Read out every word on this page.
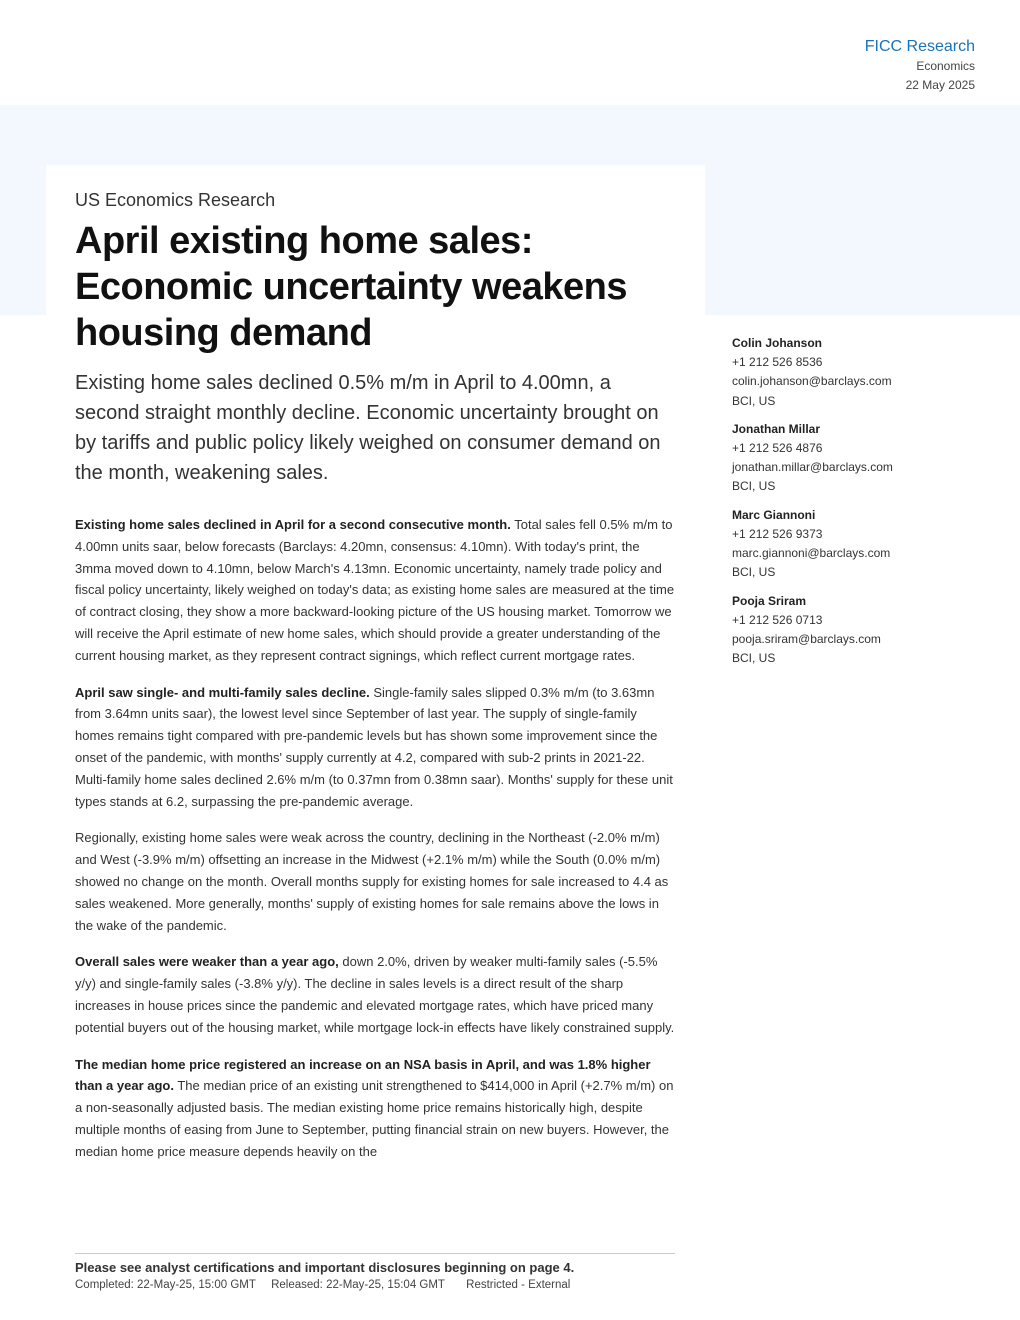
FICC Research
Economics
22 May 2025
US Economics Research
April existing home sales:
Economic uncertainty weakens
housing demand

Existing home sales declined 0.5% m/m in April to 4.00mn, a second straight monthly decline. Economic uncertainty brought on by tariffs and public policy likely weighed on consumer demand on the month, weakening sales.

Existing home sales declined in April for a second consecutive month. Total sales fell 0.5% m/m to 4.00mn units saar, below forecasts (Barclays: 4.20mn, consensus: 4.10mn). With today's print, the 3mma moved down to 4.10mn, below March's 4.13mn. Economic uncertainty, namely trade policy and fiscal policy uncertainty, likely weighed on today's data; as existing home sales are measured at the time of contract closing, they show a more backward-looking picture of the US housing market. Tomorrow we will receive the April estimate of new home sales, which should provide a greater understanding of the current housing market, as they represent contract signings, which reflect current mortgage rates.

April saw single- and multi-family sales decline. Single-family sales slipped 0.3% m/m (to 3.63mn from 3.64mn units saar), the lowest level since September of last year. The supply of single-family homes remains tight compared with pre-pandemic levels but has shown some improvement since the onset of the pandemic, with months' supply currently at 4.2, compared with sub-2 prints in 2021-22. Multi-family home sales declined 2.6% m/m (to 0.37mn from 0.38mn saar). Months' supply for these unit types stands at 6.2, surpassing the pre-pandemic average.

Regionally, existing home sales were weak across the country, declining in the Northeast (-2.0% m/m) and West (-3.9% m/m) offsetting an increase in the Midwest (+2.1% m/m) while the South (0.0% m/m) showed no change on the month. Overall months supply for existing homes for sale increased to 4.4 as sales weakened. More generally, months' supply of existing homes for sale remains above the lows in the wake of the pandemic.

Overall sales were weaker than a year ago, down 2.0%, driven by weaker multi-family sales (-5.5% y/y) and single-family sales (-3.8% y/y). The decline in sales levels is a direct result of the sharp increases in house prices since the pandemic and elevated mortgage rates, which have priced many potential buyers out of the housing market, while mortgage lock-in effects have likely constrained supply.

The median home price registered an increase on an NSA basis in April, and was 1.8% higher than a year ago. The median price of an existing unit strengthened to $414,000 in April (+2.7% m/m) on a non-seasonally adjusted basis. The median existing home price remains historically high, despite multiple months of easing from June to September, putting financial strain on new buyers. However, the median home price measure depends heavily on the

Colin Johanson
+1 212 526 8536
colin.johanson@barclays.com
BCI, US
Jonathan Millar
+1 212 526 4876
jonathan.millar@barclays.com
BCI, US
Marc Giannoni
+1 212 526 9373
marc.giannoni@barclays.com
BCI, US
Pooja Sriram
+1 212 526 0713
pooja.sriram@barclays.com
BCI, US
Please see analyst certifications and important disclosures beginning on page 4.
Completed: 22-May-25, 15:00 GMT Released: 22-May-25, 15:04 GMT Restricted - External
